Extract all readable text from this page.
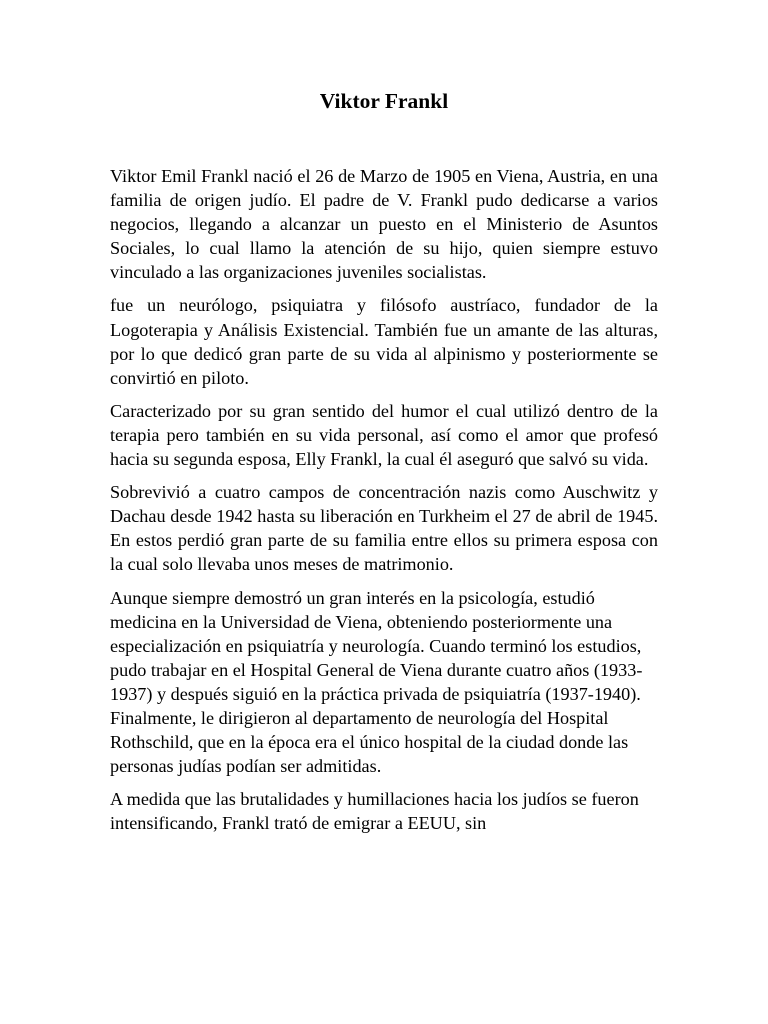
Viktor Frankl

Viktor Emil Frankl nació el 26 de Marzo de 1905 en Viena, Austria, en una familia de origen judío. El padre de V. Frankl pudo dedicarse a varios negocios, llegando a alcanzar un puesto en el Ministerio de Asuntos Sociales, lo cual llamo la atención de su hijo, quien siempre estuvo vinculado a las organizaciones juveniles socialistas.

fue un neurólogo, psiquiatra y filósofo austríaco, fundador de la Logoterapia y Análisis Existencial. También fue un amante de las alturas, por lo que dedicó gran parte de su vida al alpinismo y posteriormente se convirtió en piloto.

Caracterizado por su gran sentido del humor el cual utilizó dentro de la terapia pero también en su vida personal, así como el amor que profesó hacia su segunda esposa, Elly Frankl, la cual él aseguró que salvó su vida.

Sobrevivió a cuatro campos de concentración nazis como Auschwitz y Dachau desde 1942 hasta su liberación en Turkheim el 27 de abril de 1945. En estos perdió gran parte de su familia entre ellos su primera esposa con la cual solo llevaba unos meses de matrimonio.

Aunque siempre demostró un gran interés en la psicología, estudió medicina en la Universidad de Viena, obteniendo posteriormente una especialización en psiquiatría y neurología. Cuando terminó los estudios, pudo trabajar en el Hospital General de Viena durante cuatro años (1933-1937) y después siguió en la práctica privada de psiquiatría (1937-1940). Finalmente, le dirigieron al departamento de neurología del Hospital Rothschild, que en la época era el único hospital de la ciudad donde las personas judías podían ser admitidas.

A medida que las brutalidades y humillaciones hacia los judíos se fueron intensificando, Frankl trató de emigrar a EEUU, sin
